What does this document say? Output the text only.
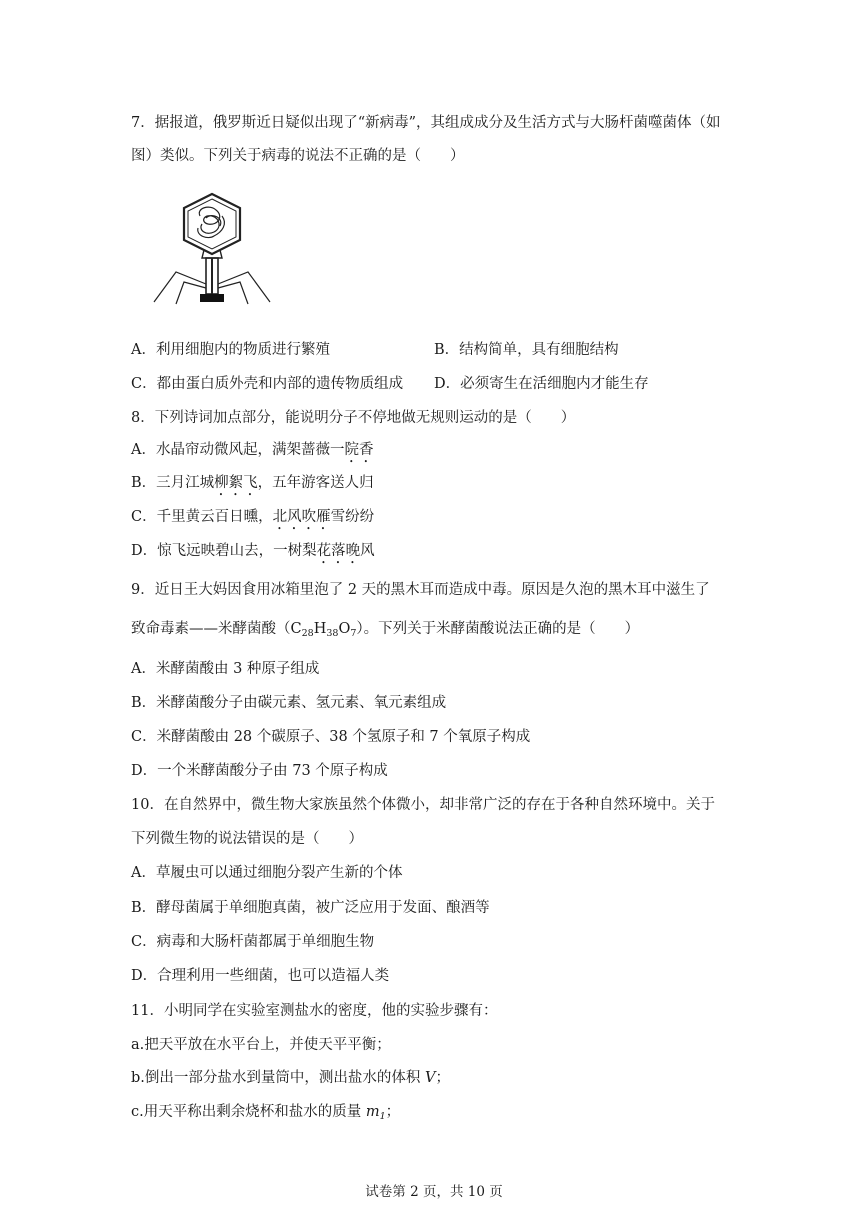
7．据报道，俄罗斯近日疑似出现了“新病毒”，其组成成分及生活方式与大肠杆菌噬菌体（如
图）类似。下列关于病毒的说法不正确的是（　　）
A．利用细胞内的物质进行繁殖	B．结构简单，具有细胞结构
C．都由蛋白质外壳和内部的遗传物质组成 D．必须寄生在活细胞内才能生存
8．下列诗词加点部分，能说明分子不停地做无规则运动的是（　　）
A．水晶帘动微风起，满架蔷薇一院香
B．三月江城柳絮飞，五年游客送人归
C．千里黄云百日曛，北风吹雁雪纷纷
D．惊飞远映碧山去，一树梨花落晚风
9．近日王大妈因食用冰箱里泡了 2 天的黑木耳而造成中毒。原因是久泡的黑木耳中滋生了
致命毒素——米酵菌酸$(C_{28}H_{38}O_7)$。下列关于米酵菌酸说法正确的是（　　）
A．米酵菌酸由 3 种原子组成
B．米酵菌酸分子由碳元素、氢元素、氧元素组成
C．米酵菌酸由 28 个碳原子、38 个氢原子和 7 个氧原子构成
D．一个米酵菌酸分子由 73 个原子构成
10．在自然界中，微生物大家族虽然个体微小，却非常广泛的存在于各种自然环境中。关于
下列微生物的说法错误的是（　　）
A．草履虫可以通过细胞分裂产生新的个体
B．酵母菌属于单细胞真菌，被广泛应用于发面、酿酒等
C．病毒和大肠杆菌都属于单细胞生物
D．合理利用一些细菌，也可以造福人类
11．小明同学在实验室测盐水的密度，他的实验步骤有：
a.把天平放在水平台上，并使天平平衡；
b.倒出一部分盐水到量筒中，测出盐水的体积 V；
c.用天平称出剩余烧杯和盐水的质量 $m_1$；
试卷第 2 页，共 10 页
